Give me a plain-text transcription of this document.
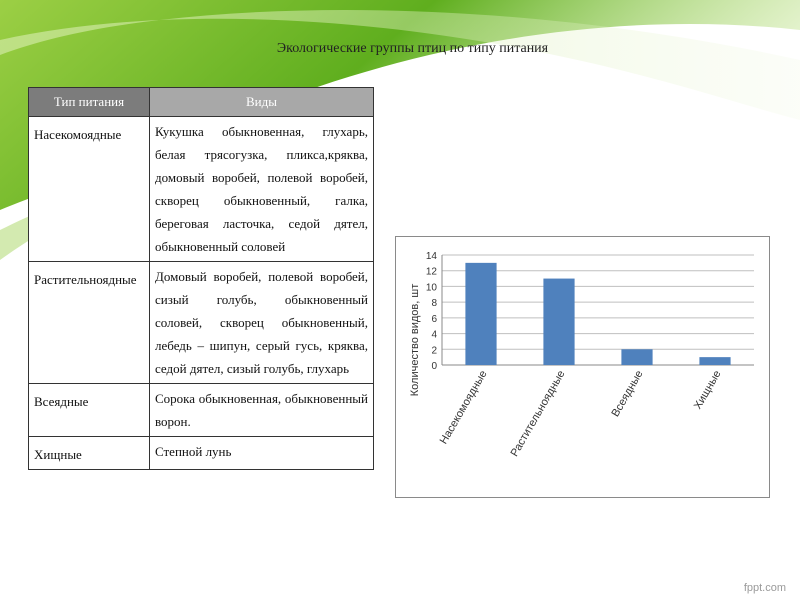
Экологические группы птиц по типу питания
Тип питания	Виды
Насекомоядные	Кукушка обыкновенная, глухарь, белая трясогузка, пликса,кряква, домовый воробей, полевой воробей, скворец обыкновенный, галка, береговая ласточка, седой дятел, обыкновенный соловей
Растительноядные	Домовый воробей, полевой воробей, сизый голубь, обыкновенный соловей, скворец обыкновенный, лебедь – шипун, серый гусь, кряква, седой дятел, сизый голубь, глухарь
Всеядные	Сорока обыкновенная, обыкновенный ворон.
Хищные	Степной лунь
0
2
4
6
8
10
12
14
Насекомоядные Растительноядные	Всеядные	Хищные
Количество видов, шт
fppt.com
